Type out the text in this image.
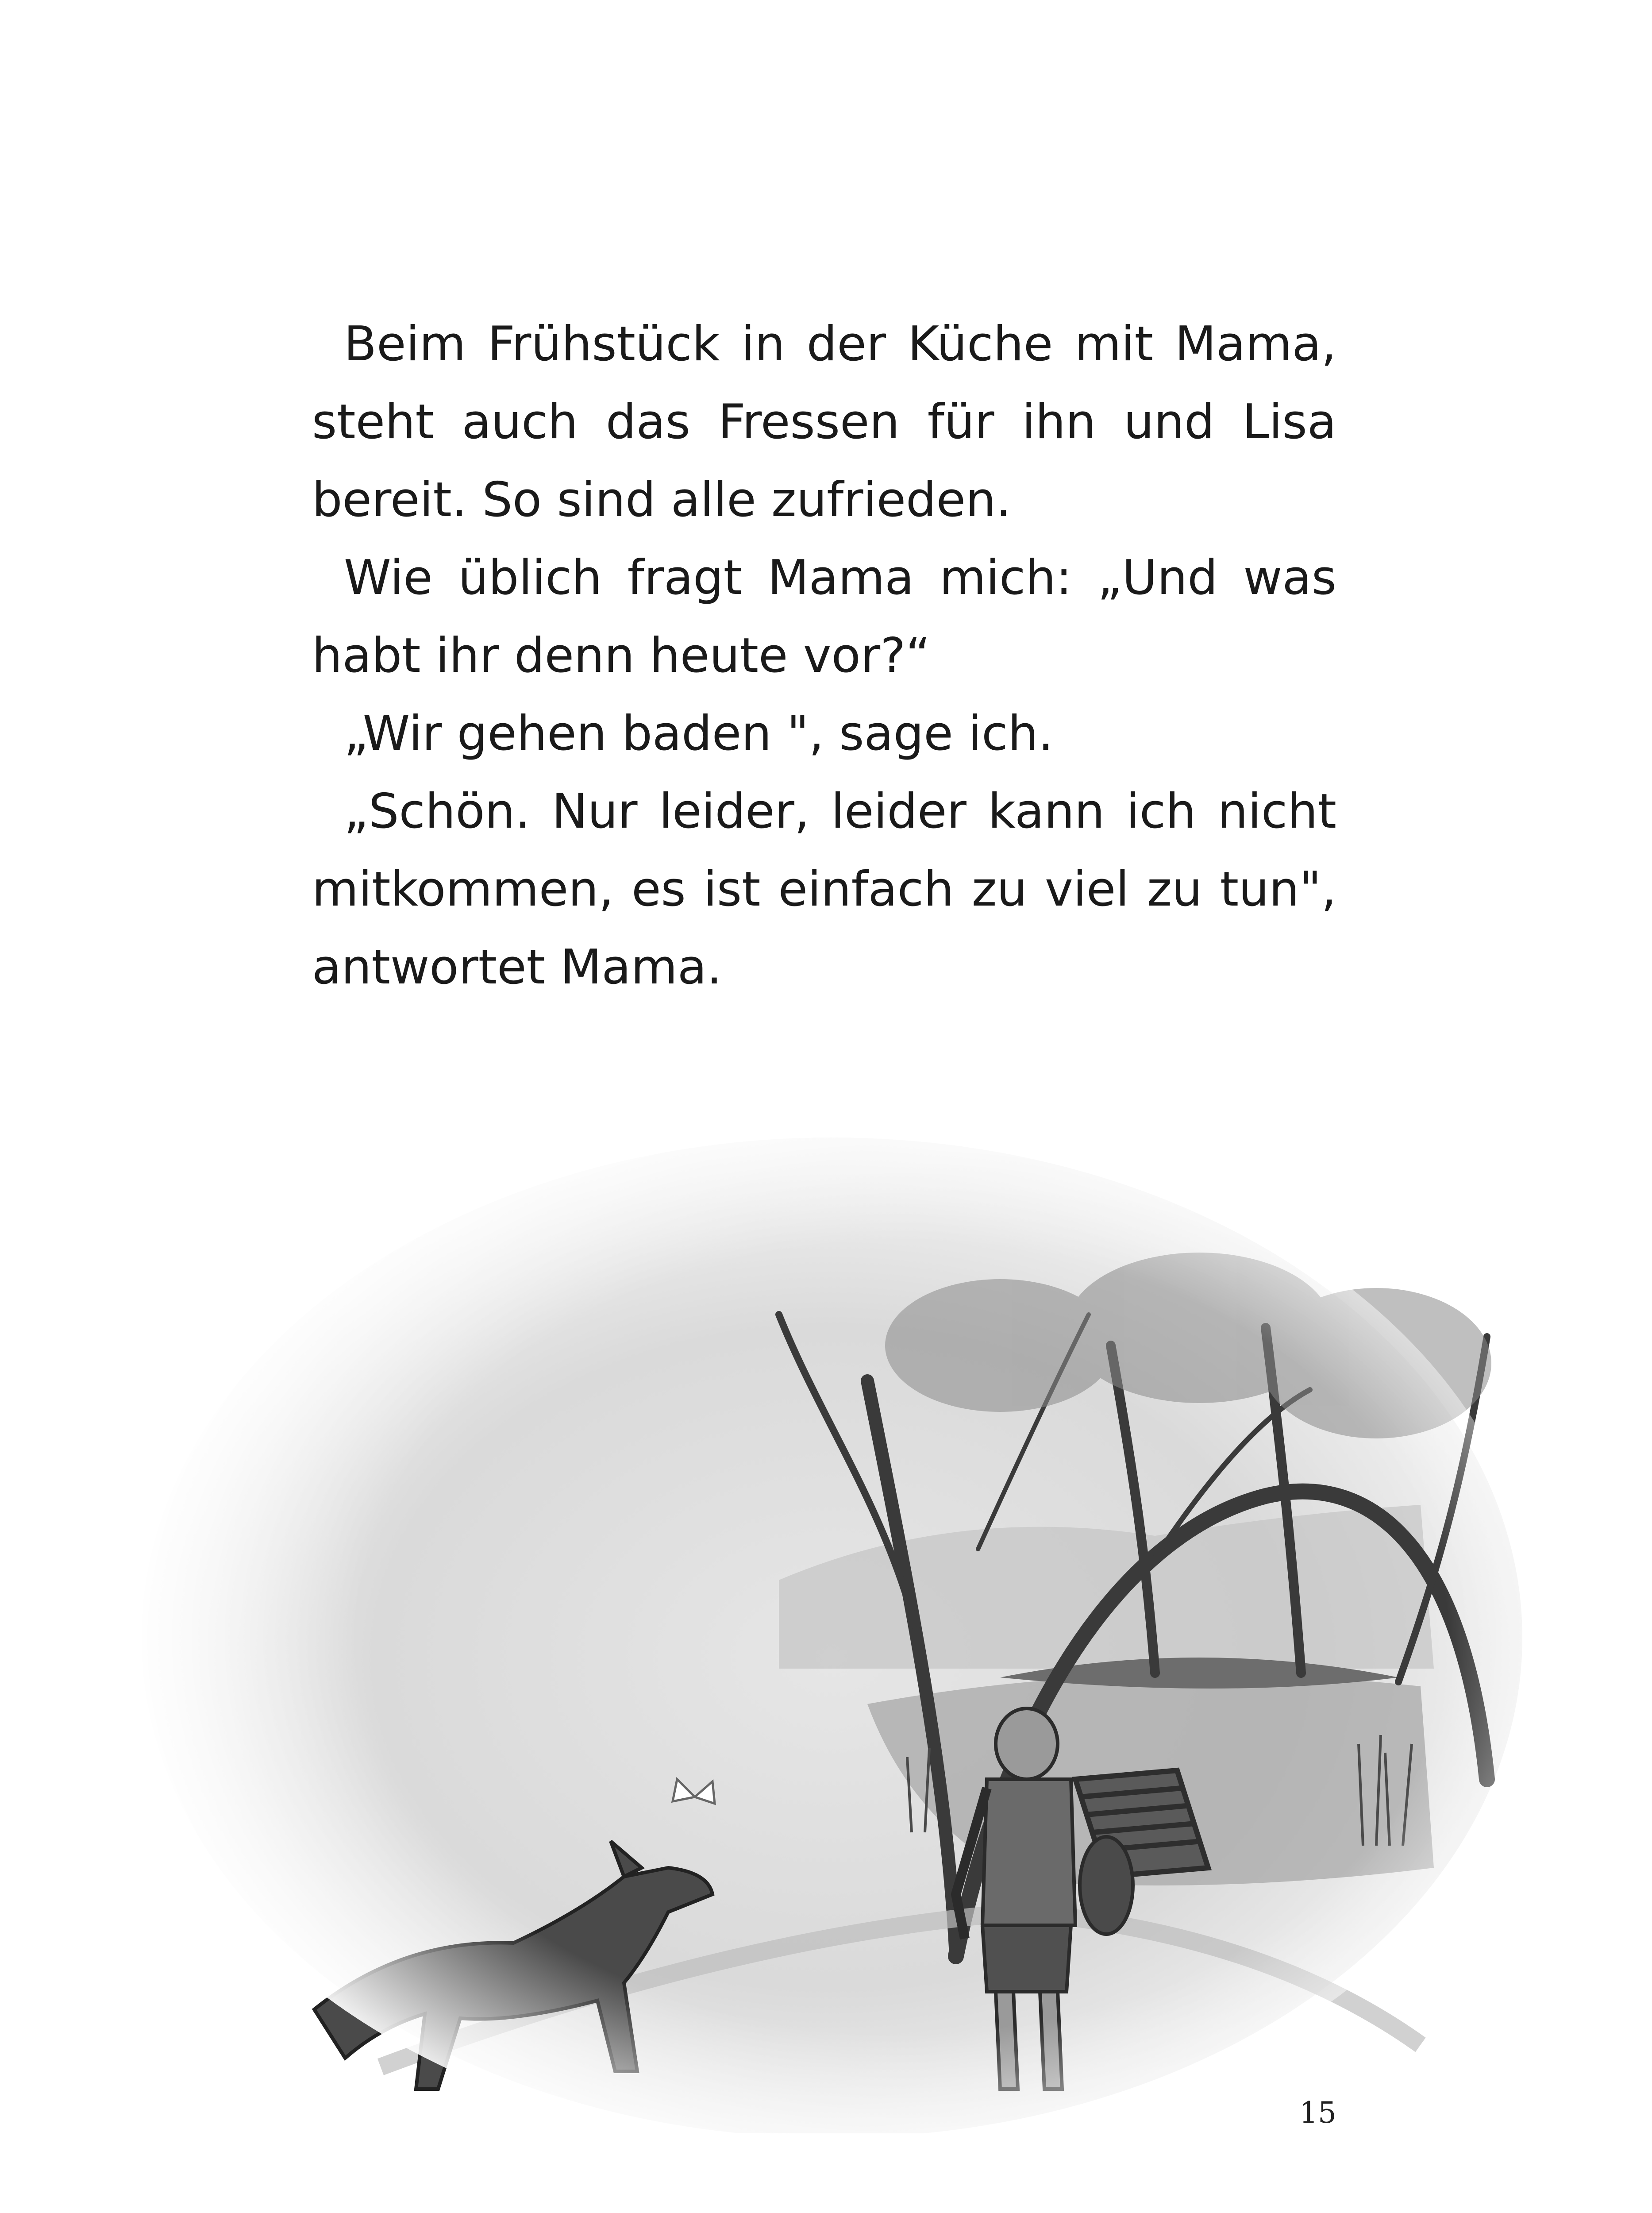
Beim Frühstück in der Küche mit Mama, steht auch das Fressen für ihn und Lisa bereit. So sind alle zufrieden.

Wie üblich fragt Mama mich: „Und was habt ihr denn heute vor?“

„Wir gehen baden ", sage ich.

„Schön. Nur leider, leider kann ich nicht mitkommen, es ist einfach zu viel zu tun", antwortet Mama.

15
